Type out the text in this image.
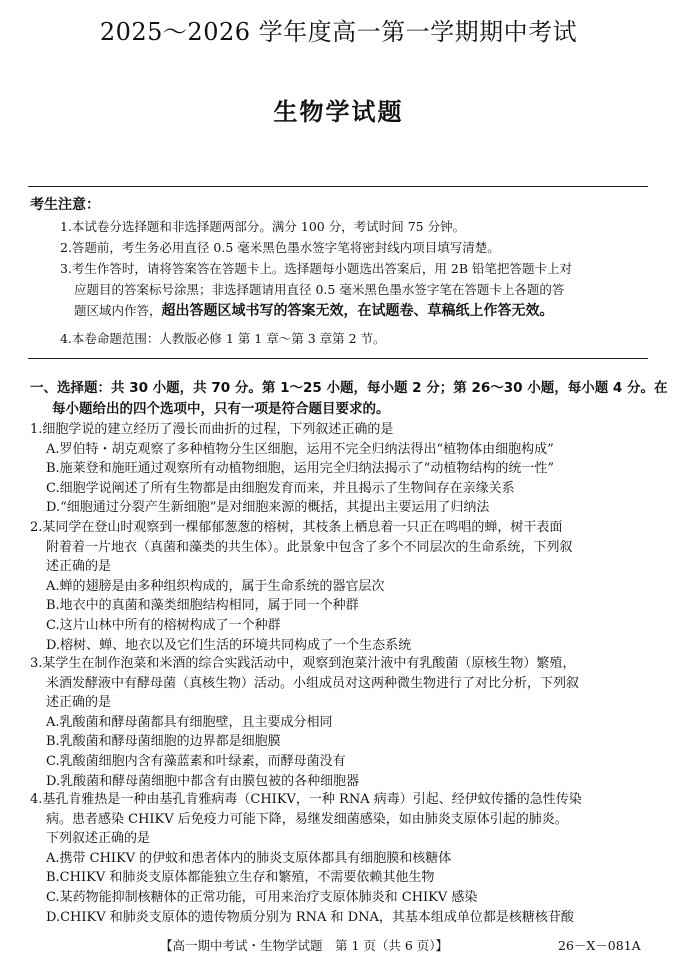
2025～2026 学年度高一第一学期期中考试
生物学试题
考生注意：
1.本试卷分选择题和非选择题两部分。满分 100 分，考试时间 75 分钟。
2.答题前，考生务必用直径 0.5 毫米黑色墨水签字笔将密封线内项目填写清楚。
3.考生作答时，请将答案答在答题卡上。选择题每小题选出答案后，用 2B 铅笔把答题卡上对
应题目的答案标号涂黑；非选择题请用直径 0.5 毫米黑色墨水签字笔在答题卡上各题的答
题区域内作答，超出答题区域书写的答案无效，在试题卷、草稿纸上作答无效。
4.本卷命题范围：人教版必修 1 第 1 章～第 3 章第 2 节。
一、选择题：共 30 小题，共 70 分。第 1～25 小题，每小题 2 分；第 26～30 小题，每小题 4 分。在
每小题给出的四个选项中，只有一项是符合题目要求的。
1.细胞学说的建立经历了漫长而曲折的过程，下列叙述正确的是
A.罗伯特・胡克观察了多种植物分生区细胞，运用不完全归纳法得出“植物体由细胞构成”
B.施莱登和施旺通过观察所有动植物细胞，运用完全归纳法揭示了“动植物结构的统一性”
C.细胞学说阐述了所有生物都是由细胞发育而来，并且揭示了生物间存在亲缘关系
D.“细胞通过分裂产生新细胞”是对细胞来源的概括，其提出主要运用了归纳法
2.某同学在登山时观察到一棵郁郁葱葱的榕树，其枝条上栖息着一只正在鸣唱的蝉，树干表面
附着着一片地衣（真菌和藻类的共生体）。此景象中包含了多个不同层次的生命系统，下列叙
述正确的是
A.蝉的翅膀是由多种组织构成的，属于生命系统的器官层次
B.地衣中的真菌和藻类细胞结构相同，属于同一个种群
C.这片山林中所有的榕树构成了一个种群
D.榕树、蝉、地衣以及它们生活的环境共同构成了一个生态系统
3.某学生在制作泡菜和米酒的综合实践活动中，观察到泡菜汁液中有乳酸菌（原核生物）繁殖，
米酒发酵液中有酵母菌（真核生物）活动。小组成员对这两种微生物进行了对比分析，下列叙
述正确的是
A.乳酸菌和酵母菌都具有细胞壁，且主要成分相同
B.乳酸菌和酵母菌细胞的边界都是细胞膜
C.乳酸菌细胞内含有藻蓝素和叶绿素，而酵母菌没有
D.乳酸菌和酵母菌细胞中都含有由膜包被的各种细胞器
4.基孔肯雅热是一种由基孔肯雅病毒（CHIKV，一种 RNA 病毒）引起、经伊蚊传播的急性传染
病。患者感染 CHIKV 后免疫力可能下降，易继发细菌感染，如由肺炎支原体引起的肺炎。
下列叙述正确的是
A.携带 CHIKV 的伊蚊和患者体内的肺炎支原体都具有细胞膜和核糖体
B.CHIKV 和肺炎支原体都能独立生存和繁殖，不需要依赖其他生物
C.某药物能抑制核糖体的正常功能，可用来治疗支原体肺炎和 CHIKV 感染
D.CHIKV 和肺炎支原体的遗传物质分别为 RNA 和 DNA，其基本组成单位都是核糖核苷酸
【高一期中考试・生物学试题　第 1 页（共 6 页）】	26－X－081A
